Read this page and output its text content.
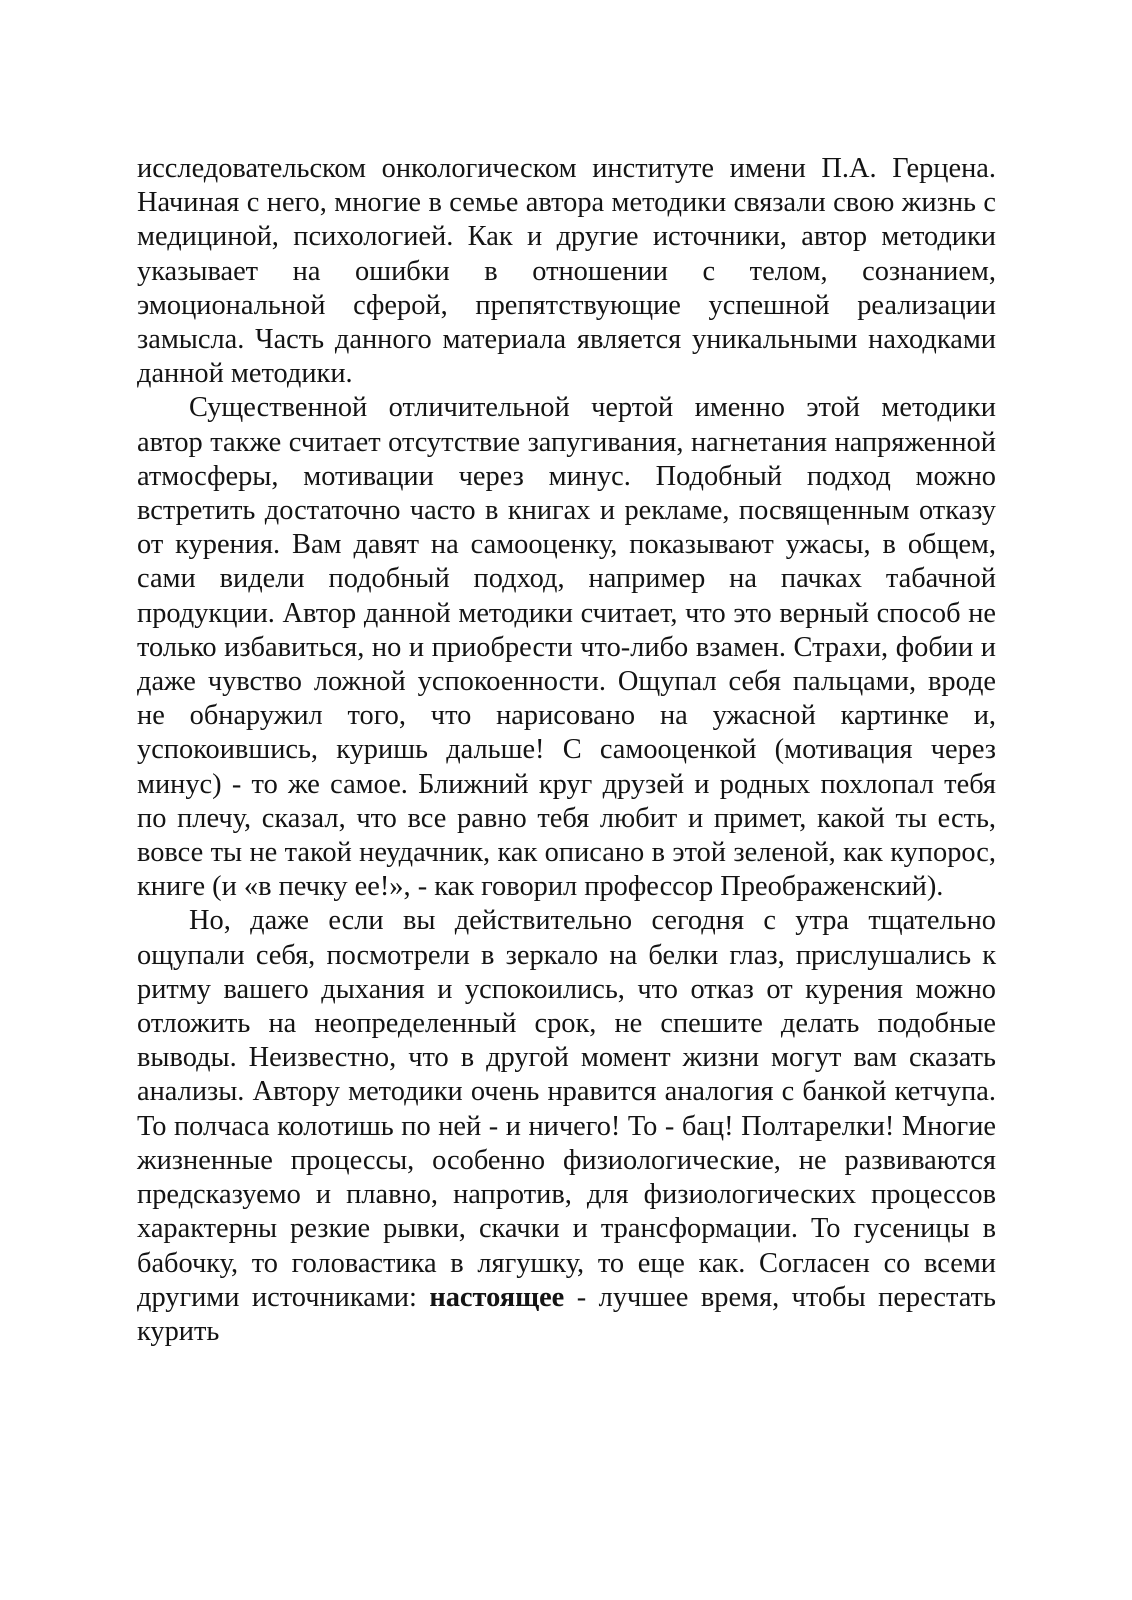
исследовательском онкологическом институте имени П.А. Герцена. Начиная с него, многие в семье автора методики связали свою жизнь с медициной, психологией. Как и другие источники, автор методики указывает на ошибки в отношении с телом, сознанием, эмоциональной сферой, препятствующие успешной реализации замысла. Часть данного материала является уникальными находками данной методики.

Существенной отличительной чертой именно этой методики автор также считает отсутствие запугивания, нагнетания напряженной атмосферы, мотивации через минус. Подобный подход можно встретить достаточно часто в книгах и рекламе, посвященным отказу от курения. Вам давят на самооценку, показывают ужасы, в общем, сами видели подобный подход, например на пачках табачной продукции. Автор данной методики считает, что это верный способ не только избавиться, но и приобрести что-либо взамен. Страхи, фобии и даже чувство ложной успокоенности. Ощупал себя пальцами, вроде не обнаружил того, что нарисовано на ужасной картинке и, успокоившись, куришь дальше! С самооценкой (мотивация через минус) - то же самое. Ближний круг друзей и родных похлопал тебя по плечу, сказал, что все равно тебя любит и примет, какой ты есть, вовсе ты не такой неудачник, как описано в этой зеленой, как купорос, книге (и «в печку ее!», - как говорил профессор Преображенский).

Но, даже если вы действительно сегодня с утра тщательно ощупали себя, посмотрели в зеркало на белки глаз, прислушались к ритму вашего дыхания и успокоились, что отказ от курения можно отложить на неопределенный срок, не спешите делать подобные выводы. Неизвестно, что в другой момент жизни могут вам сказать анализы. Автору методики очень нравится аналогия с банкой кетчупа. То полчаса колотишь по ней - и ничего! То - бац! Полтарелки! Многие жизненные процессы, особенно физиологические, не развиваются предсказуемо и плавно, напротив, для физиологических процессов характерны резкие рывки, скачки и трансформации. То гусеницы в бабочку, то головастика в лягушку, то еще как. Согласен со всеми другими источниками: настоящее - лучшее время, чтобы перестать курить
